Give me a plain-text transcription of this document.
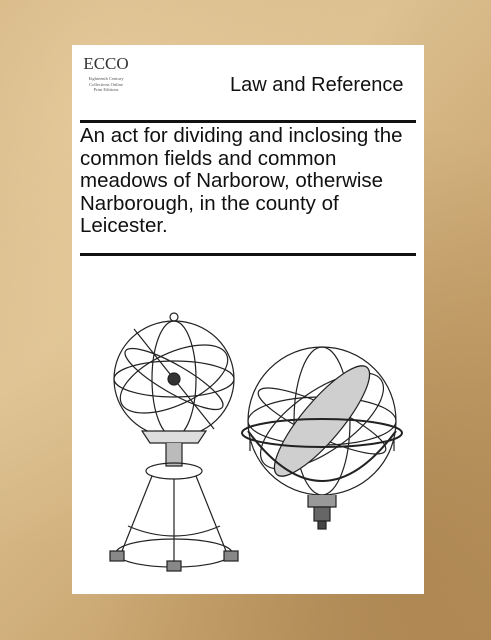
ECCO
Eighteenth Century
Collections Online
Print Editions	Law and Reference
An act for dividing and inclosing the common fields and common meadows of Narborow, otherwise Narborough, in the county of Leicester.
